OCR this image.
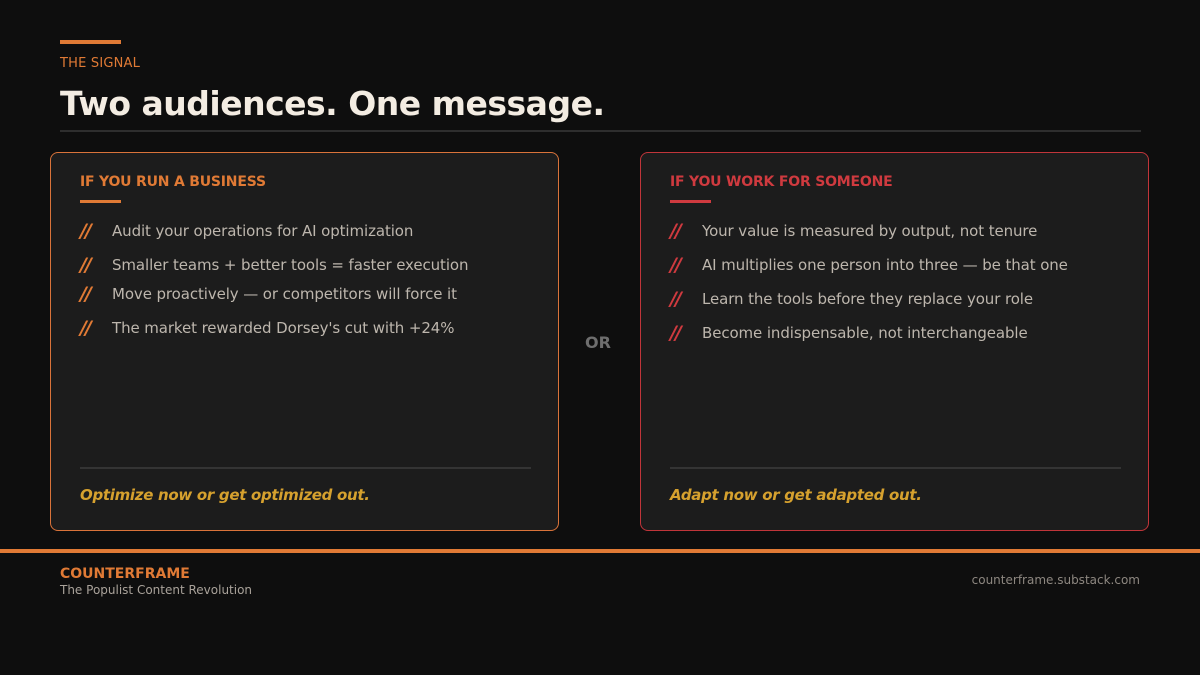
THE SIGNAL
Two audiences. One message.
IF YOU RUN A BUSINESS
//	Audit your operations for AI optimization
//	Smaller teams + better tools = faster execution
//	Move proactively — or competitors will force it
//	The market rewarded Dorsey's cut with +24%
Optimize now or get optimized out.
OR
IF YOU WORK FOR SOMEONE
//	Your value is measured by output, not tenure
//	AI multiplies one person into three — be that one
//	Learn the tools before they replace your role
//	Become indispensable, not interchangeable
Adapt now or get adapted out.
COUNTERFRAME
The Populist Content Revolution
counterframe.substack.com
